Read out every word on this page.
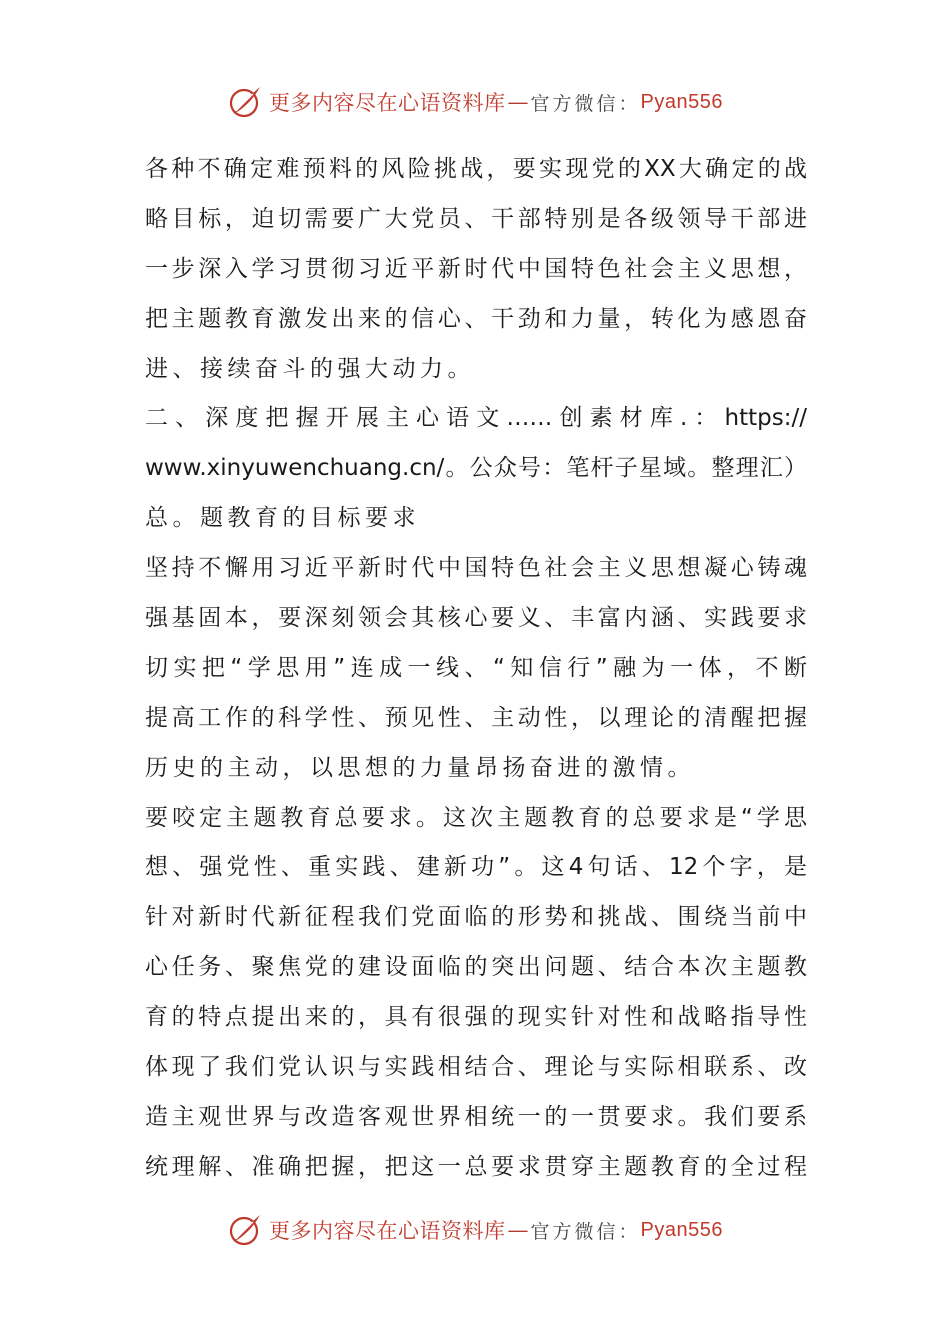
更多内容尽在心语资料库 — 官方微信： Pyan556
各种不确定难预料的风险挑战，要实现党的XX大确定的战
略目标，迫切需要广大党员、干部特别是各级领导干部进
一步深入学习贯彻习近平新时代中国特色社会主义思想，
把主题教育激发出来的信心、干劲和力量，转化为感恩奋
进、接续奋斗的强大动力。
二、深度把握开展主心语文……创素材库.：https://
www.xinyuwenchuang.cn/。公众号：笔杆子星域。整理汇）
总。题教育的目标要求
坚持不懈用习近平新时代中国特色社会主义思想凝心铸魂
强基固本，要深刻领会其核心要义、丰富内涵、实践要求
切实把“学思用”连成一线、“知信行”融为一体，不断
提高工作的科学性、预见性、主动性，以理论的清醒把握
历史的主动，以思想的力量昂扬奋进的激情。
要咬定主题教育总要求。这次主题教育的总要求是“学思
想、强党性、重实践、建新功”。这4句话、12个字，是
针对新时代新征程我们党面临的形势和挑战、围绕当前中
心任务、聚焦党的建设面临的突出问题、结合本次主题教
育的特点提出来的，具有很强的现实针对性和战略指导性
体现了我们党认识与实践相结合、理论与实际相联系、改
造主观世界与改造客观世界相统一的一贯要求。我们要系
统理解、准确把握，把这一总要求贯穿主题教育的全过程
更多内容尽在心语资料库 — 官方微信： Pyan556
